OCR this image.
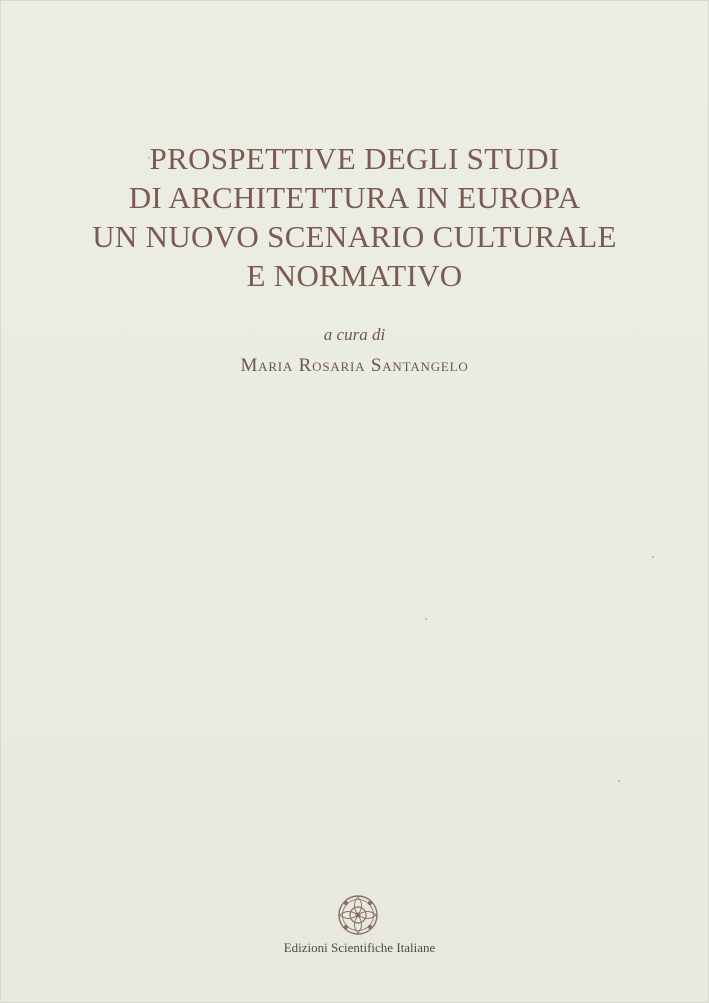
PROSPETTIVE DEGLI STUDI
DI ARCHITETTURA IN EUROPA
UN NUOVO SCENARIO CULTURALE
E NORMATIVO
a cura di
Maria Rosaria Santangelo
Edizioni Scientifiche Italiane
